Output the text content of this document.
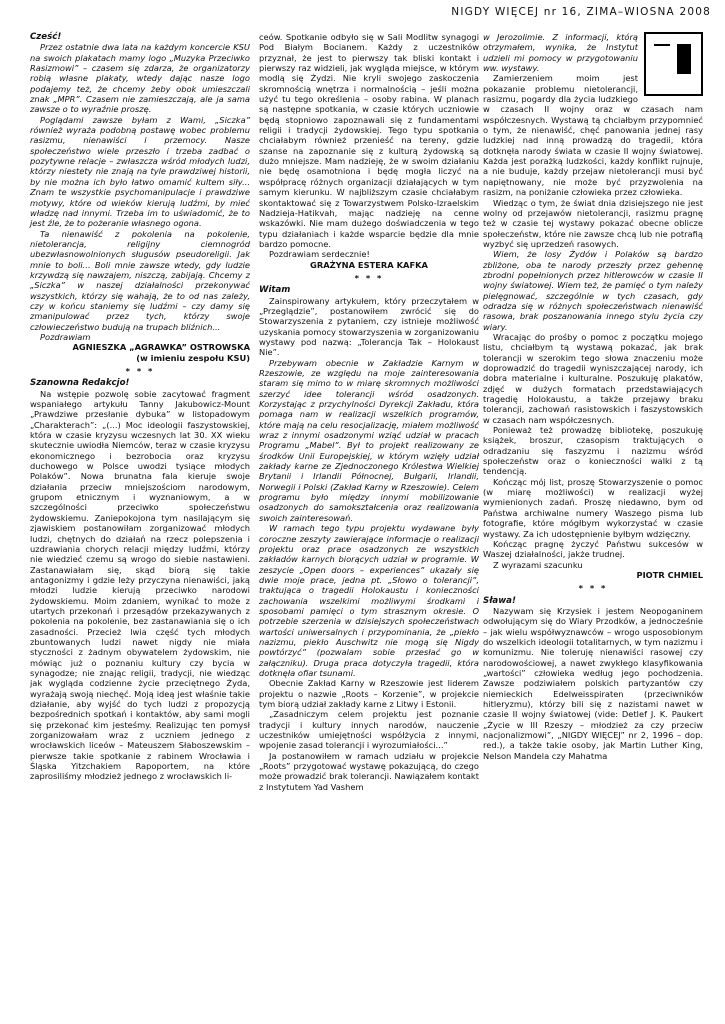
NIGDY WIĘCEJ nr 16, ZIMA–WIOSNA 2008
Cześć!

Przez ostatnie dwa lata na każdym koncercie KSU na swoich plakatach mamy logo „Muzyka Przeciwko Rasizmowi” – czasem się zdarza, że organizatorzy robią własne plakaty, wtedy dając nasze logo podajemy też, że chcemy żeby obok umieszczali znak „MPR”. Czasem nie zamieszczają, ale ja sama zawsze o to wyraźnie proszę.

Poglądami zawsze byłam z Wami, „Siczka” również wyraża podobną postawę wobec problemu rasizmu, nienawiści i przemocy. Nasze społeczeństwo wiele przeszło i trzeba zadbać o pozytywne relacje – zwłaszcza wśród młodych ludzi, którzy niestety nie znają na tyle prawdziwej historii, by nie można ich było łatwo omamić kultem siły... Znam te wszystkie psychomanipulacje i prawdziwe motywy, które od wieków kierują ludźmi, by mieć władzę nad innymi. Trzeba im to uświadomić, że to jest źle, że to pożeranie własnego ogona.

Ta nienawiść z pokolenia na pokolenie, nietolerancja, religijny ciemnogród ubezwłasnowolnionych sługusów pseudoreligii. Jak mnie to boli... Boli mnie zawsze wtedy, gdy ludzie krzywdzą się nawzajem, niszczą, zabijają. Chcemy z „Siczka” w naszej działalności przekonywać wszystkich, którzy się wahają, że to od nas zależy, czy w końcu staniemy się ludźmi – czy damy się zmanipulować przez tych, którzy swoje człowieczeństwo budują na trupach bliźnich...

Pozdrawiam

AGNIESZKA „AGRAWKA” OSTROWSKA
(w imieniu zespołu KSU)
* * *
Szanowna Redakcjo!

Na wstępie pozwolę sobie zacytować fragment wspaniałego artykułu Tanny Jakubowicz-Mount „Prawdziwe przesłanie dybuka” w listopadowym „Charakterach”: „(...) Moc ideologii faszystowskiej, która w czasie kryzysu wczesnych lat 30. XX wieku skutecznie uwiodła Niemców, teraz w czasie kryzysu ekonomicznego i bezrobocia oraz kryzysu duchowego w Polsce uwodzi tysiące młodych Polaków”. Nowa brunatna fala kieruje swoje działania przeciw mniejszościom narodowym, grupom etnicznym i wyznaniowym, a w szczególności przeciwko społeczeństwu żydowskiemu. Zaniepokojona tym nasilającym się zjawiskiem postanowiłam zorganizować młodych ludzi, chętnych do działań na rzecz polepszenia i uzdrawiania chorych relacji między ludźmi, którzy nie wiedzieć czemu są wrogo do siebie nastawieni. Zastanawiałam się, skąd biorą się takie antagonizmy i gdzie leży przyczyna nienawiści, jaką młodzi ludzie kierują przeciwko narodowi żydowskiemu. Moim zdaniem, wynikać to może z utartych przekonań i przesądów przekazywanych z pokolenia na pokolenie, bez zastanawiania się o ich zasadności. Przecież lwia część tych młodych zbuntowanych ludzi nawet nigdy nie miała styczności z żadnym obywatelem żydowskim, nie mówiąc już o poznaniu kultury czy bycia w synagodze; nie znając religii, tradycji, nie wiedząc jak wygląda codzienne życie przeciętnego Żyda, wyrażają swoją niechęć. Moją ideą jest właśnie takie działanie, aby wyjść do tych ludzi z propozycją bezpośrednich spotkań i kontaktów, aby sami mogli się przekonać kim jesteśmy. Realizując ten pomysł zorganizowałam wraz z uczniem jednego z wrocławskich liceów – Mateuszem Słaboszewskim – pierwsze takie spotkanie z rabinem Wrocławia i Śląska Yitzchakiem Rapoportem, na które zaprosiliśmy młodzież jednego z wrocławskich li-

ceów. Spotkanie odbyło się w Sali Modlitw synagogi Pod Białym Bocianem. Każdy z uczestników przyznał, że jest to pierwszy tak bliski kontakt i pierwszy raz widzieli, jak wygląda miejsce, w którym modlą się Żydzi. Nie kryli swojego zaskoczenia skromnością wnętrza i normalnością – jeśli można użyć tu tego określenia – osoby rabina. W planach są następne spotkania, w czasie których uczniowie będą stopniowo zapoznawali się z fundamentami religii i tradycji żydowskiej. Tego typu spotkania chciałabym również przenieść na tereny, gdzie szanse na zapoznanie się z kulturą żydowską są dużo mniejsze. Mam nadzieję, że w swoim działaniu nie będę osamotniona i będę mogła liczyć na współpracę różnych organizacji działających w tym samym kierunku. W najbliższym czasie chciałabym skontaktować się z Towarzystwem Polsko-Izraelskim Nadzieja-Hatikvah, mając nadzieję na cenne wskazówki. Nie mam dużego doświadczenia w tego typu działaniach i każde wsparcie będzie dla mnie bardzo pomocne.

Pozdrawiam serdecznie!

GRAŻYNA ESTERA KAFKA
* * *
Witam

Zainspirowany artykułem, który przeczytałem w „Przeglądzie”, postanowiłem zwrócić się do Stowarzyszenia z pytaniem, czy istnieje możliwość uzyskania pomocy stowarzyszenia w zorganizowaniu wystawy pod nazwą: „Tolerancja Tak – Holokaust Nie”.

Przebywam obecnie w Zakładzie Karnym w Rzeszowie, ze względu na moje zainteresowania staram się mimo to w miarę skromnych możliwości szerzyć idee tolerancji wśród osadzonych. Korzystając z przychylności Dyrekcji Zakładu, która pomaga nam w realizacji wszelkich programów, które mają na celu resocjalizację, miałem możliwość wraz z innymi osadzonymi wziąć udział w pracach Programu „Mabel”. Był to projekt realizowany ze środków Unii Europejskiej, w którym wzięły udział zakłady karne ze Zjednoczonego Królestwa Wielkiej Brytanii i Irlandii Północnej, Bułgarii, Irlandii, Norwegii i Polski (Zakład Karny w Rzeszowie). Celem programu było między innymi mobilizowanie osadzonych do samokształcenia oraz realizowania swoich zainteresowań.

W ramach tego typu projektu wydawane były coroczne zeszyty zawierające informacje o realizacji projektu oraz prace osadzonych ze wszystkich zakładów karnych biorących udział w programie. W zeszycie „Open doors – experiences” ukazały się dwie moje prace, jedna pt. „Słowo o tolerancji”, traktująca o tragedii Holokaustu i konieczności zachowania wszelkimi możliwymi środkami i sposobami pamięci o tym strasznym okresie. O potrzebie szerzenia w dzisiejszych społeczeństwach wartości uniwersalnych i przypominania, że „piekło nazizmu, piekło Auschwitz nie mogą się Nigdy powtórzyć” (pozwalam sobie przesłać go w załączniku). Druga praca dotyczyła tragedii, która dotknęła ofiar tsunami.

Obecnie Zakład Karny w Rzeszowie jest liderem projektu o nazwie „Roots – Korzenie”, w projekcie tym biorą udział zakłady karne z Litwy i Estonii.

„Zasadniczym celem projektu jest poznanie tradycji i kultury innych narodów, nauczenie uczestników umiejętności współżycia z innymi, wpojenie zasad tolerancji i wyrozumiałości...”

Ja postanowiłem w ramach udziału w projekcie „Roots” przygotować wystawę pokazującą, do czego może prowadzić brak tolerancji. Nawiązałem kontakt z Instytutem Yad Vashem

w Jerozolimie. Z informacji, którą otrzymałem, wynika, że Instytut udzieli mi pomocy w przygotowaniu ww. wystawy.

Zamierzeniem moim jest pokazanie problemu nietolerancji, rasizmu, pogardy dla życia ludzkiego w czasach II wojny oraz w czasach nam współczesnych. Wystawą tą chciałbym przypomnieć o tym, że nienawiść, chęć panowania jednej rasy ludzkiej nad inną prowadzą do tragedii, która dotknęła narody świata w czasie II wojny światowej. Każda jest porażką ludzkości, każdy konflikt rujnuje, a nie buduje, każdy przejaw nietolerancji musi być napiętnowany, nie może być przyzwolenia na rasizm, na poniżanie człowieka przez człowieka.

Wiedząc o tym, że świat dnia dzisiejszego nie jest wolny od przejawów nietolerancji, rasizmu pragnę też w czasie tej wystawy pokazać obecne oblicze społeczeństw, które nie zawsze chcą lub nie potrafią wyzbyć się uprzedzeń rasowych.

Wiem, że losy Żydów i Polaków są bardzo zbliżone, oba te narody przeszły przez gehennę zbrodni popełnionych przez hitlerowców w czasie II wojny światowej. Wiem też, że pamięć o tym należy pielęgnować, szczególnie w tych czasach, gdy odradza się w różnych społeczeństwach nienawiść rasowa, brak poszanowania innego stylu życia czy wiary.

Wracając do prośby o pomoc z początku mojego listu, chciałbym tą wystawą pokazać, jak brak tolerancji w szerokim tego słowa znaczeniu może doprowadzić do tragedii wyniszczającej narody, ich dobra materialne i kulturalne. Poszukuję plakatów, zdjęć w dużych formatach przedstawiających tragedię Holokaustu, a także przejawy braku tolerancji, zachowań rasistowskich i faszystowskich w czasach nam współczesnych.

Ponieważ też prowadzę bibliotekę, poszukuję książek, broszur, czasopism traktujących o odradzaniu się faszyzmu i nazizmu wśród społeczeństw oraz o konieczności walki z tą tendencją.

Kończąc mój list, proszę Stowarzyszenie o pomoc (w miarę możliwości) w realizacji wyżej wymienionych zadań. Proszę niedawno, bym od Państwa archiwalne numery Waszego pisma lub fotografie, które mógłbym wykorzystać w czasie wystawy. Za ich udostępnienie byłbym wdzięczny.

Kończąc pragnę życzyć Państwu sukcesów w Waszej działalności, jakże trudnej.

Z wyrazami szacunku

PIOTR CHMIEL
* * *
Sława!

Nazywam się Krzysiek i jestem Neopoganinem odwołującym się do Wiary Przodków, a jednocześnie – jak wielu współwyznawców – wrogo usposobionym do wszelkich ideologii totalitarnych, w tym nazizmu i komunizmu. Nie toleruję nienawiści rasowej czy narodowościowej, a nawet zwykłego klasyfikowania „wartości” człowieka według jego pochodzenia. Zawsze podziwiałem polskich partyzantów czy niemieckich Edelweisspiraten (przeciwników hitleryzmu), którzy bili się z nazistami nawet w czasie II wojny światowej (vide: Detlef J. K. Paukert „Życie w III Rzeszy – młodzież za czy przeciw nacjonalizmowi”, „NIGDY WIĘCEJ” nr 2, 1996 – dop. red.), a także takie osoby, jak Martin Luther King, Nelson Mandela czy Mahatma
